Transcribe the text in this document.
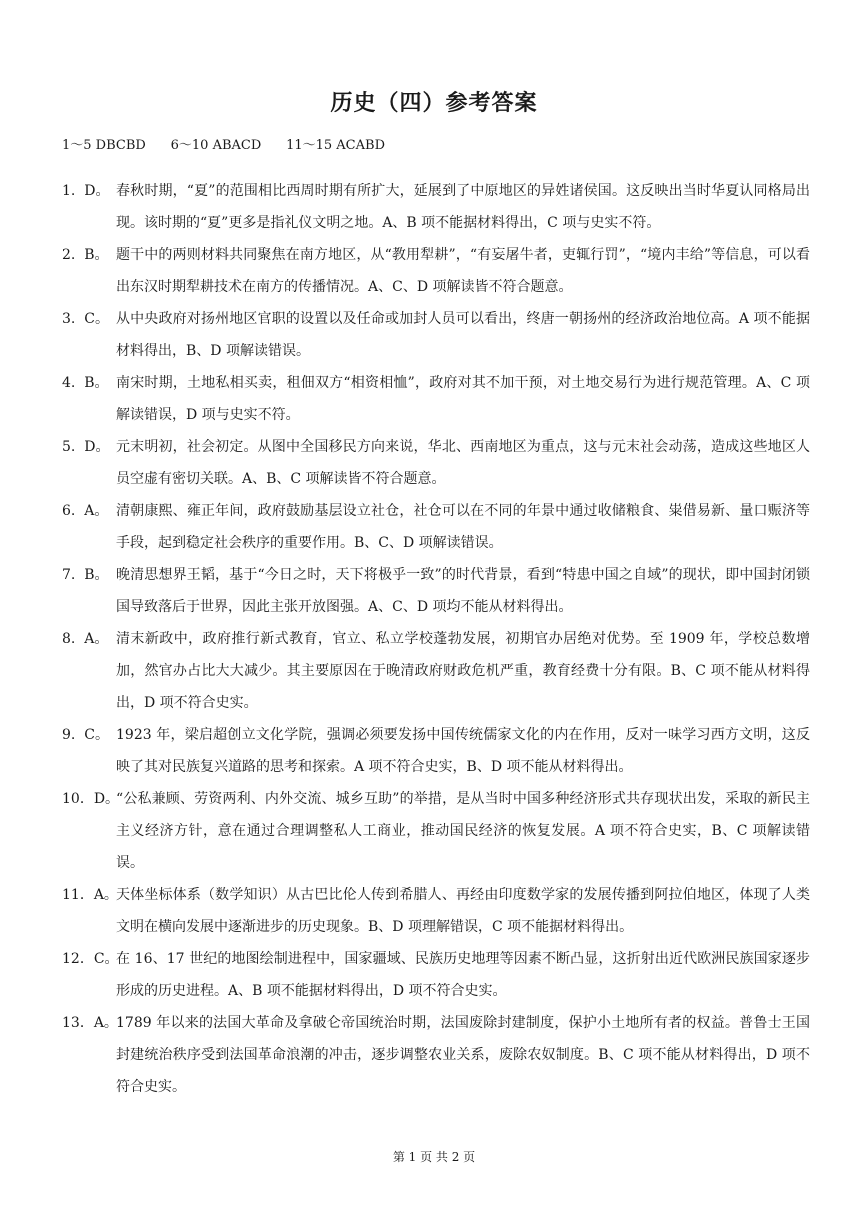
历史（四）参考答案
1～5 DBCBD 6～10 ABACD 11～15 ACABD

1.  D。 春秋时期，“夏”的范围相比西周时期有所扩大，延展到了中原地区的异姓诸侯国。这反映出当时华夏认同格局出现。该时期的“夏”更多是指礼仪文明之地。A、B 项不能据材料得出，C 项与史实不符。

2.  B。 题干中的两则材料共同聚焦在南方地区，从“教用犁耕”，“有妄屠牛者，吏辄行罚”，“境内丰给”等信息，可以看出东汉时期犁耕技术在南方的传播情况。A、C、D 项解读皆不符合题意。

3.  C。 从中央政府对扬州地区官职的设置以及任命或加封人员可以看出，终唐一朝扬州的经济政治地位高。A 项不能据材料得出，B、D 项解读错误。

4.  B。 南宋时期，土地私相买卖，租佃双方“相资相恤”，政府对其不加干预，对土地交易行为进行规范管理。A、C 项解读错误，D 项与史实不符。

5.  D。 元末明初，社会初定。从图中全国移民方向来说，华北、西南地区为重点，这与元末社会动荡，造成这些地区人员空虚有密切关联。A、B、C 项解读皆不符合题意。

6.  A。 清朝康熙、雍正年间，政府鼓励基层设立社仓，社仓可以在不同的年景中通过收储粮食、粜借易新、量口赈济等手段，起到稳定社会秩序的重要作用。B、C、D 项解读错误。

7.  B。 晚清思想界王韬，基于“今日之时，天下将极乎一致”的时代背景，看到“特患中国之自域”的现状，即中国封闭锁国导致落后于世界，因此主张开放图强。A、C、D 项均不能从材料得出。

8.  A。 清末新政中，政府推行新式教育，官立、私立学校蓬勃发展，初期官办居绝对优势。至 1909 年，学校总数增加，然官办占比大大减少。其主要原因在于晚清政府财政危机严重，教育经费十分有限。B、C 项不能从材料得出，D 项不符合史实。

9.  C。 1923 年，梁启超创立文化学院，强调必须要发扬中国传统儒家文化的内在作用，反对一味学习西方文明，这反映了其对民族复兴道路的思考和探索。A 项不符合史实，B、D 项不能从材料得出。

10．D。
“公私兼顾、劳资两利、内外交流、城乡互助”的举措，是从当时中国多种经济形式共存现状出发，采取的新民主主义经济方针，意在通过合理调整私人工商业，推动国民经济的恢复发展。A 项不符合史实，B、C 项解读错误。

11．A。
天体坐标体系（数学知识）从古巴比伦人传到希腊人、再经由印度数学家的发展传播到阿拉伯地区，体现了人类文明在横向发展中逐渐进步的历史现象。B、D 项理解错误，C 项不能据材料得出。

12．C。
在 16、17 世纪的地图绘制进程中，国家疆域、民族历史地理等因素不断凸显，这折射出近代欧洲民族国家逐步形成的历史进程。A、B 项不能据材料得出，D 项不符合史实。

13．A。
1789 年以来的法国大革命及拿破仑帝国统治时期，法国废除封建制度，保护小土地所有者的权益。普鲁士王国封建统治秩序受到法国革命浪潮的冲击，逐步调整农业关系，废除农奴制度。B、C 项不能从材料得出，D 项不符合史实。

第 1 页 共 2 页
